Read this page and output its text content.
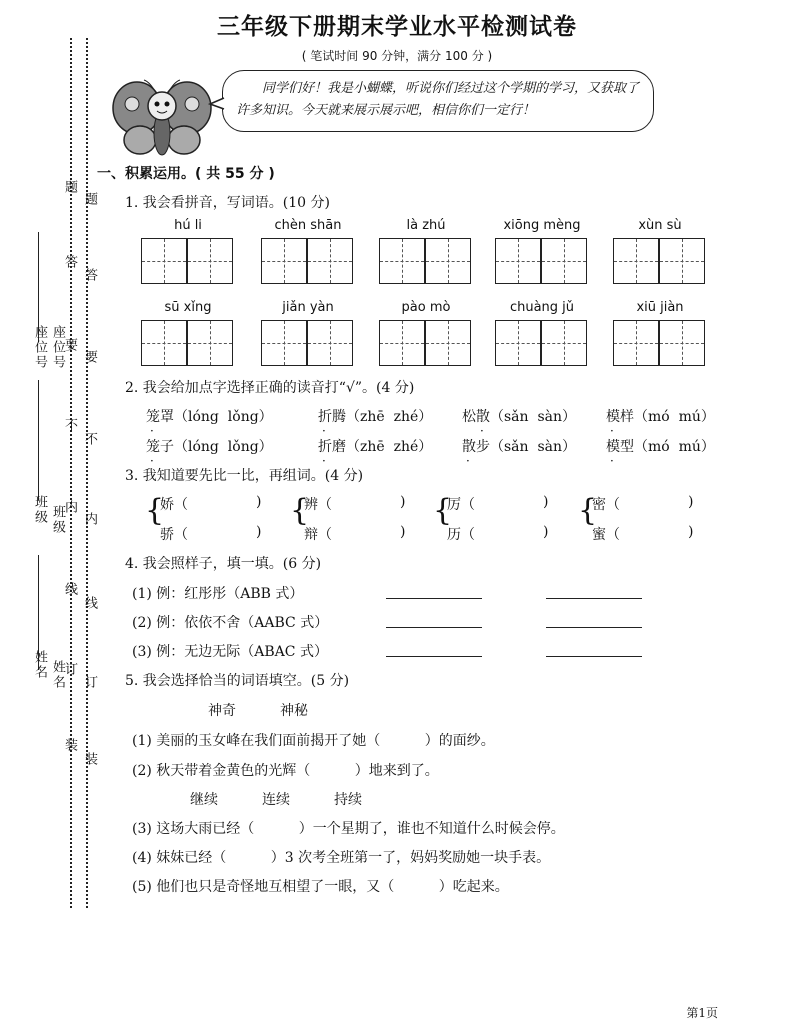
三年级下册期末学业水平检测试卷
( 笔试时间 90 分钟，满分 100 分 )
同学们好！我是小蝴蝶，听说你们经过这个学期的学习，又获取了许多知识。今天就来展示展示吧，相信你们一定行！
座位号 座位号
班级 班级
姓名 姓名
题
题
答
答
要
要
不
不
内
内
线
线
订
订
装
装
一、积累运用。( 共 55 分 )
1. 我会看拼音，写词语。(10 分)
hú li	chèn shān	là zhú	xiōng mèng	xùn sù
sū xǐng	jiǎn yàn	pào mò	chuàng jǔ	xiū jiàn
2. 我会给加点字选择正确的读音打“√”。(4 分)
笼罩（lóng  lǒng）	折腾（zhē  zhé） 松散（sǎn  sàn） 模样（mó  mú）
笼子（lóng  lǒng）	折磨（zhē  zhé） 散步（sǎn  sàn） 模型（mó  mú）
·	·	·	·
·	·	·	·
3. 我知道要先比一比，再组词。(4 分)
{
娇（	)
骄（	)
{
辨（	)
辩（	)
{
厉（	)
历（	)
{
密（	)
蜜（	)
4. 我会照样子，填一填。(6 分)
(1) 例：红彤彤（ABB 式）
(2) 例：依依不舍（AABC 式）
(3) 例：无边无际（ABAC 式）
5. 我会选择恰当的词语填空。(5 分)
神奇	神秘
(1) 美丽的玉女峰在我们面前揭开了她（          ）的面纱。
(2) 秋天带着金黄色的光辉（          ）地来到了。
继续	连续	持续
(3) 这场大雨已经（          ）一个星期了，谁也不知道什么时候会停。
(4) 妹妹已经（          ）3 次考全班第一了，妈妈奖励她一块手表。
(5) 他们也只是奇怪地互相望了一眼，又（          ）吃起来。
第1页
